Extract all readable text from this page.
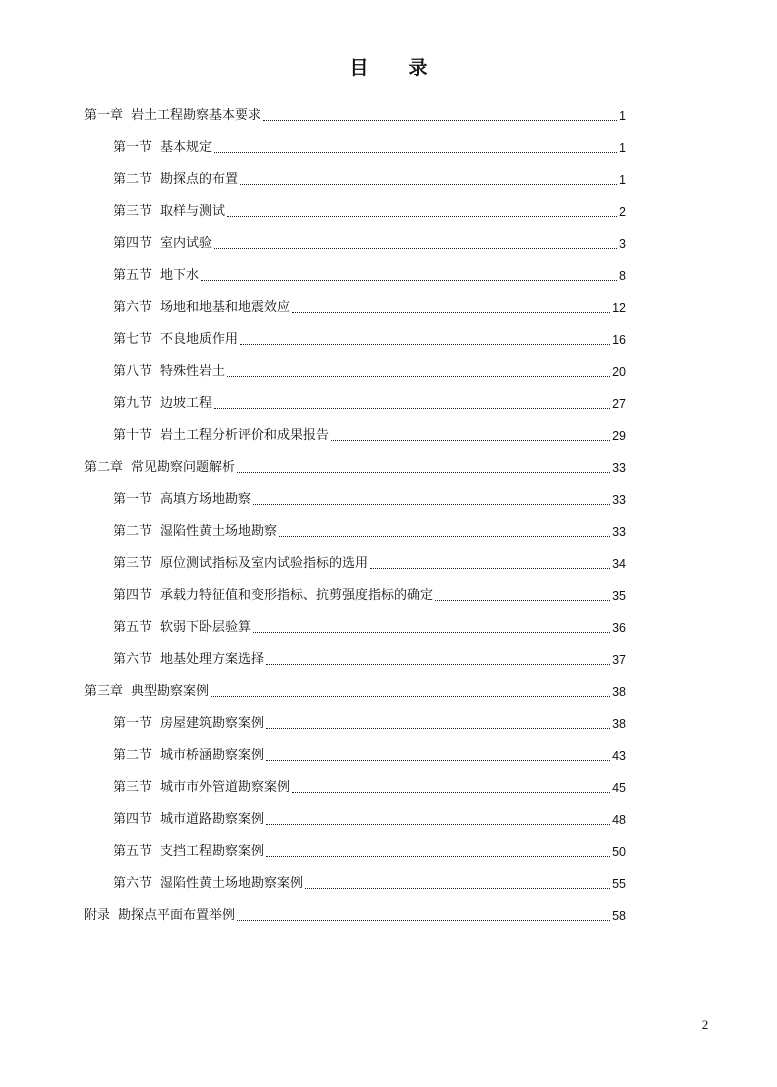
目 录
第一章 岩土工程勘察基本要求	1
第一节 基本规定	1
第二节 勘探点的布置	1
第三节 取样与测试	2
第四节 室内试验	3
第五节 地下水	8
第六节 场地和地基和地震效应	12
第七节 不良地质作用	16
第八节 特殊性岩土	20
第九节 边坡工程	27
第十节 岩土工程分析评价和成果报告	29
第二章 常见勘察问题解析	33
第一节 高填方场地勘察	33
第二节 湿陷性黄土场地勘察	33
第三节 原位测试指标及室内试验指标的选用	34
第四节 承载力特征值和变形指标、抗剪强度指标的确定	35
第五节 软弱下卧层验算	36
第六节 地基处理方案选择	37
第三章 典型勘察案例	38
第一节 房屋建筑勘察案例	38
第二节 城市桥涵勘察案例	43
第三节 城市市外管道勘察案例	45
第四节 城市道路勘察案例	48
第五节 支挡工程勘察案例	50
第六节 湿陷性黄土场地勘察案例	55
附录 勘探点平面布置举例	58
2
